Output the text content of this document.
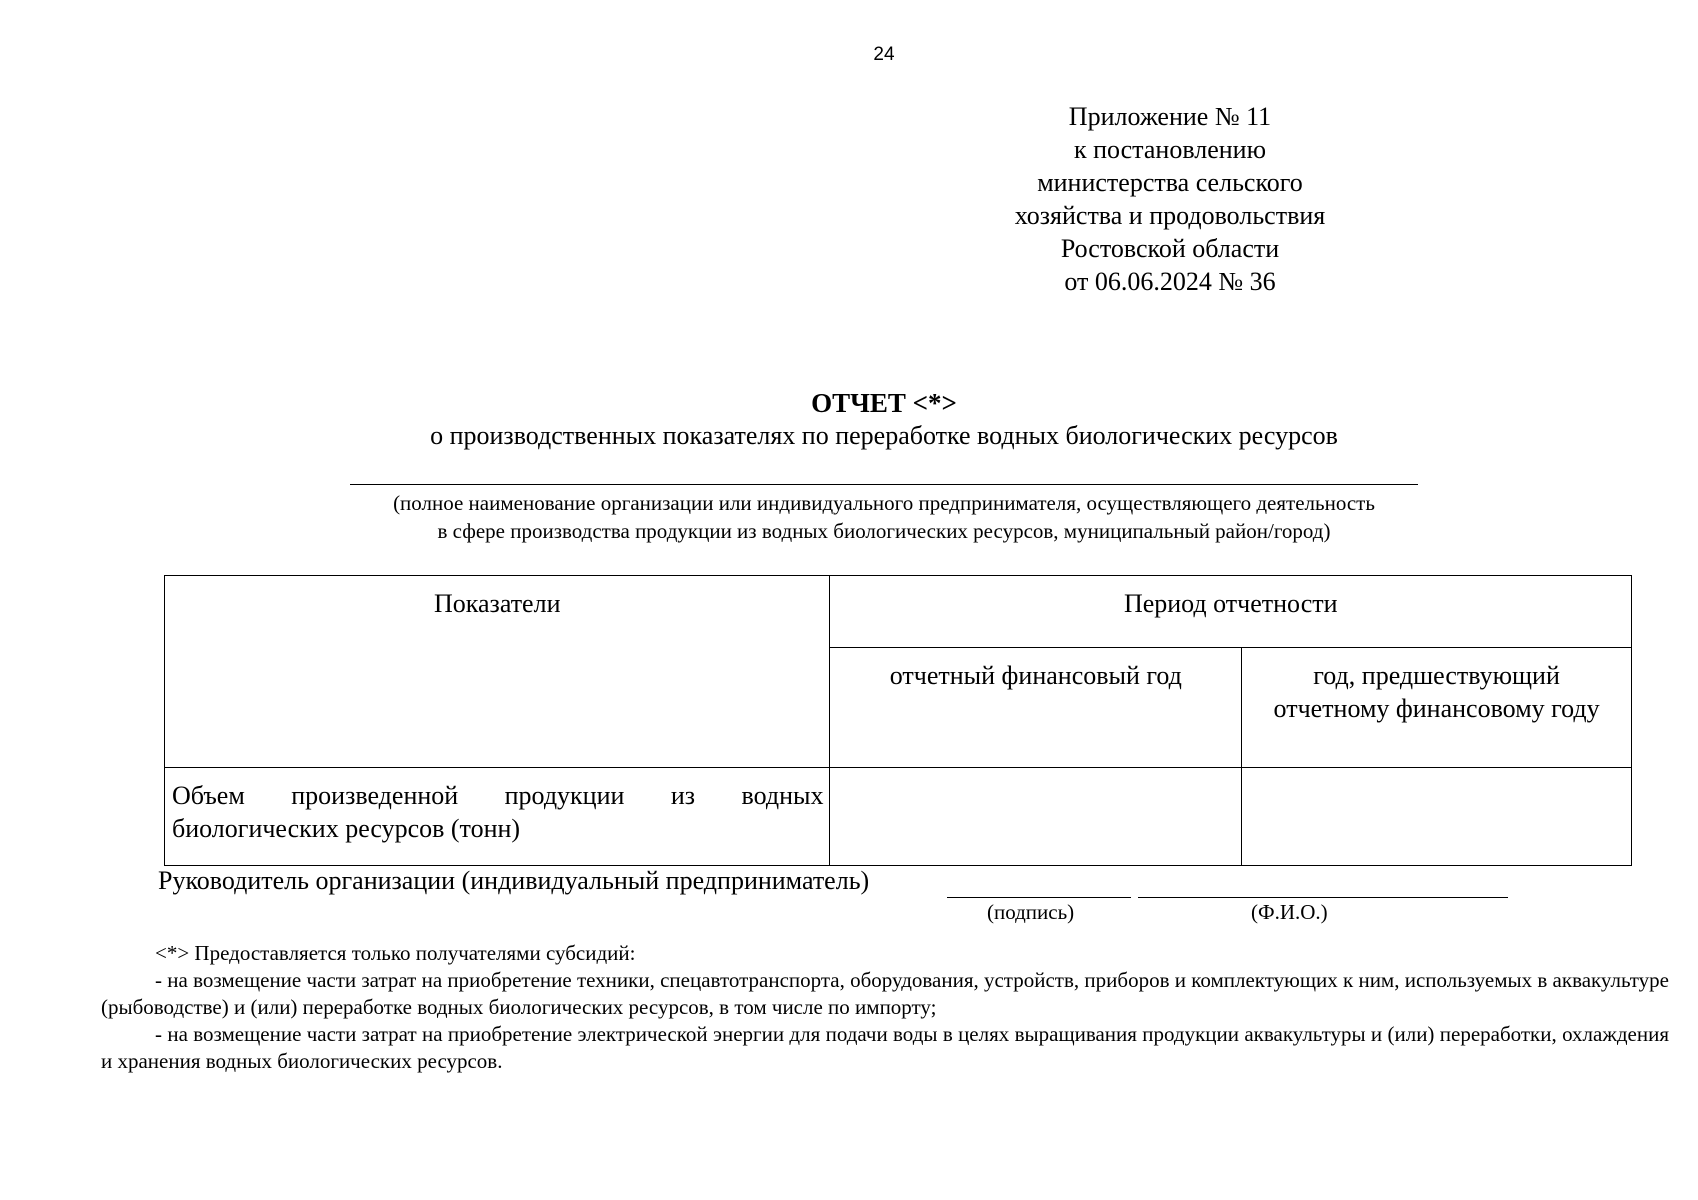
24
Приложение № 11
к постановлению
министерства сельского
хозяйства и продовольствия
Ростовской области
от 06.06.2024 № 36
ОТЧЕТ <*>
о производственных показателях по переработке водных биологических ресурсов
(полное наименование организации или индивидуального предпринимателя, осуществляющего деятельность
в сфере производства продукции из водных биологических ресурсов, муниципальный район/город)
Показатели	Период отчетности	
	отчетный финансовый год	год, предшествующий
отчетному финансовому году
Объем произведенной продукции из водных биологических ресурсов (тонн)		
Руководитель организации (индивидуальный предприниматель)
(подпись)	(Ф.И.О.)

<*> Предоставляется только получателями субсидий:

- на возмещение части затрат на приобретение техники, спецавтотранспорта, оборудования, устройств, приборов и комплектующих к ним, используемых в аквакультуре (рыбоводстве) и (или) переработке водных биологических ресурсов, в том числе по импорту;

- на возмещение части затрат на приобретение электрической энергии для подачи воды в целях выращивания продукции аквакультуры и (или) переработки, охлаждения и хранения водных биологических ресурсов.
